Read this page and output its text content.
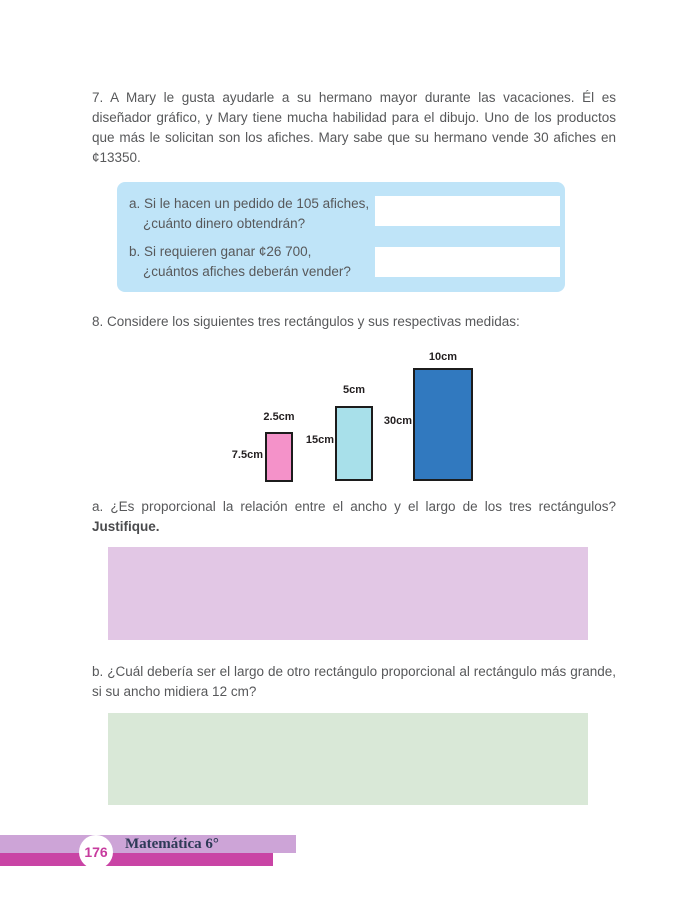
7. A Mary le gusta ayudarle a su hermano mayor durante las vacaciones. Él es diseñador gráfico, y Mary tiene mucha habilidad para el dibujo. Uno de los productos que más le solicitan son los afiches. Mary sabe que su hermano vende 30 afiches en ¢13350.

a. Si le hacen un pedido de 105 afiches,
¿cuánto dinero obtendrán?
b. Si requieren ganar ¢26 700,
¿cuántos afiches deberán vender?

8. Considere los siguientes tres rectángulos y sus respectivas medidas:

2.5cm
7.5cm
5cm
15cm
10cm
30cm
a. ¿Es proporcional la relación entre el ancho y el largo de los tres rectángulos?
Justifique.

b. ¿Cuál debería ser el largo de otro rectángulo proporcional al rectángulo más grande, si su ancho midiera 12 cm?

176	Matemática 6°
